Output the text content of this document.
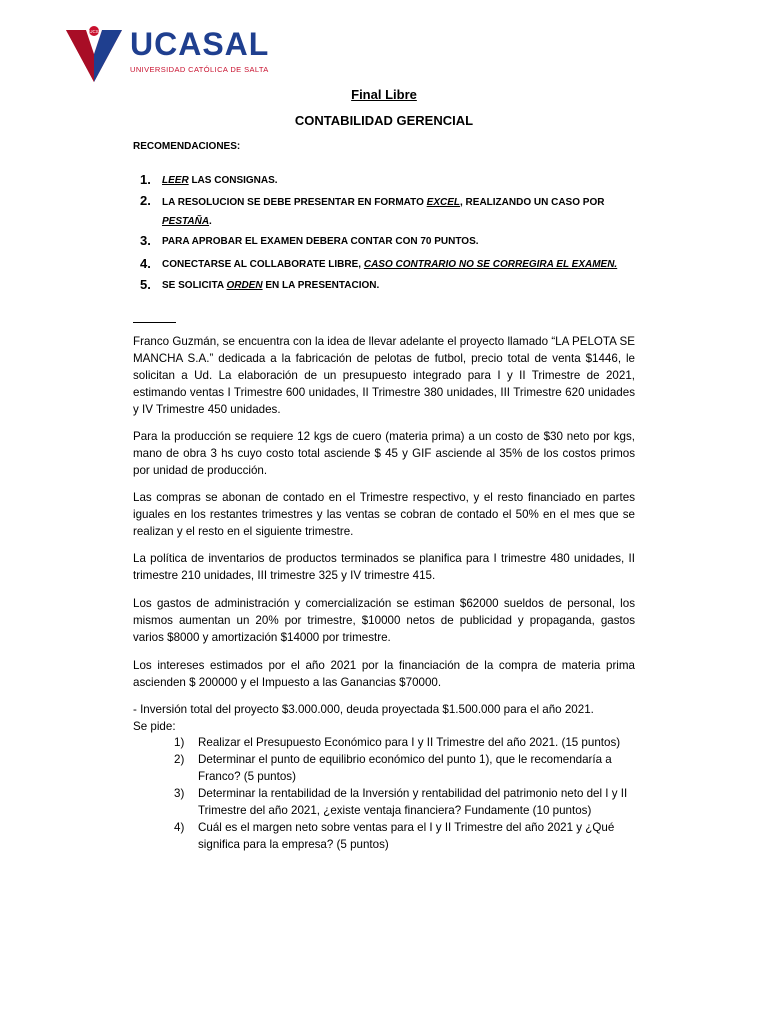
UCS UCASAL
UNIVERSIDAD CATÓLICA DE SALTA
Final Libre
CONTABILIDAD GERENCIAL
RECOMENDACIONES:
1. LEER LAS CONSIGNAS.
2. LA RESOLUCION SE DEBE PRESENTAR EN FORMATO EXCEL, REALIZANDO UN CASO POR
PESTAÑA.
3. PARA APROBAR EL EXAMEN DEBERA CONTAR CON 70 PUNTOS.
4. CONECTARSE AL COLLABORATE LIBRE, CASO CONTRARIO NO SE CORREGIRA EL EXAMEN.
5. SE SOLICITA ORDEN EN LA PRESENTACION.
Franco Guzmán, se encuentra con la idea de llevar adelante el proyecto llamado “LA PELOTA SE MANCHA S.A.” dedicada a la fabricación de pelotas de futbol, precio total de venta $1446, le solicitan a Ud. La elaboración de un presupuesto integrado para I y II Trimestre de 2021, estimando ventas I Trimestre 600 unidades, II Trimestre 380 unidades, III Trimestre 620 unidades y IV Trimestre 450 unidades.
Para la producción se requiere 12 kgs de cuero (materia prima) a un costo de $30 neto por kgs, mano de obra 3 hs cuyo costo total asciende $ 45 y GIF asciende al 35% de los costos primos por unidad de producción.
Las compras se abonan de contado en el Trimestre respectivo, y el resto financiado en partes iguales en los restantes trimestres y las ventas se cobran de contado el 50% en el mes que se realizan y el resto en el siguiente trimestre.
La política de inventarios de productos terminados se planifica para I trimestre 480 unidades, II trimestre 210 unidades, III trimestre 325 y IV trimestre 415.
Los gastos de administración y comercialización se estiman $62000 sueldos de personal, los mismos aumentan un 20% por trimestre, $10000 netos de publicidad y propaganda, gastos varios $8000 y amortización $14000 por trimestre.
Los intereses estimados por el año 2021 por la financiación de la compra de materia prima ascienden $ 200000 y el Impuesto a las Ganancias $70000.
- Inversión total del proyecto $3.000.000, deuda proyectada $1.500.000 para el año 2021.
Se pide:
1) Realizar el Presupuesto Económico para I y II Trimestre del año 2021. (15 puntos)
2) Determinar el punto de equilibrio económico del punto 1), que le recomendaría a Franco? (5 puntos)
3) Determinar la rentabilidad de la Inversión y rentabilidad del patrimonio neto del I y II Trimestre del año 2021, ¿existe ventaja financiera? Fundamente (10 puntos)
4) Cuál es el margen neto sobre ventas para el I y II Trimestre del año 2021 y ¿Qué significa para la empresa? (5 puntos)
